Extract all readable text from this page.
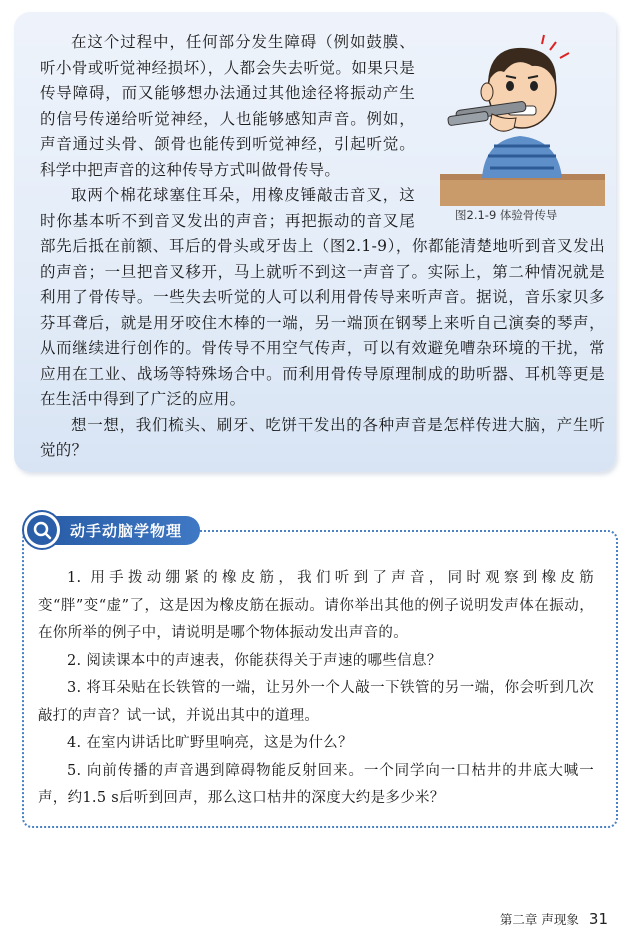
图2.1-9 体验骨传导

在这个过程中，任何部分发生障碍（例如鼓膜、听小骨或听觉神经损坏），人都会失去听觉。如果只是传导障碍，而又能够想办法通过其他途径将振动产生的信号传递给听觉神经，人也能够感知声音。例如，声音通过头骨、颌骨也能传到听觉神经，引起听觉。科学中把声音的这种传导方式叫做骨传导。

取两个棉花球塞住耳朵，用橡皮锤敲击音叉，这时你基本听不到音叉发出的声音；再把振动的音叉尾部先后抵在前额、耳后的骨头或牙齿上（图2.1-9），你都能清楚地听到音叉发出的声音；一旦把音叉移开，马上就听不到这一声音了。实际上，第二种情况就是利用了骨传导。一些失去听觉的人可以利用骨传导来听声音。据说，音乐家贝多芬耳聋后，就是用牙咬住木棒的一端，另一端顶在钢琴上来听自己演奏的琴声，从而继续进行创作的。骨传导不用空气传声，可以有效避免嘈杂环境的干扰，常应用在工业、战场等特殊场合中。而利用骨传导原理制成的助听器、耳机等更是在生活中得到了广泛的应用。

想一想，我们梳头、刷牙、吃饼干发出的各种声音是怎样传进大脑，产生听觉的？

动手动脑学物理
1. 用手拨动绷紧的橡皮筋，我们听到了声音，同时观察到橡皮筋变“胖”变“虚”了，这是因为橡皮筋在振动。请你举出其他的例子说明发声体在振动，在你所举的例子中，请说明是哪个物体振动发出声音的。
2. 阅读课本中的声速表，你能获得关于声速的哪些信息？
3. 将耳朵贴在长铁管的一端，让另外一个人敲一下铁管的另一端，你会听到几次敲打的声音？试一试，并说出其中的道理。
4. 在室内讲话比旷野里响亮，这是为什么？
5. 向前传播的声音遇到障碍物能反射回来。一个同学向一口枯井的井底大喊一声，约1.5 s后听到回声，那么这口枯井的深度大约是多少米？
第二章 声现象 31
